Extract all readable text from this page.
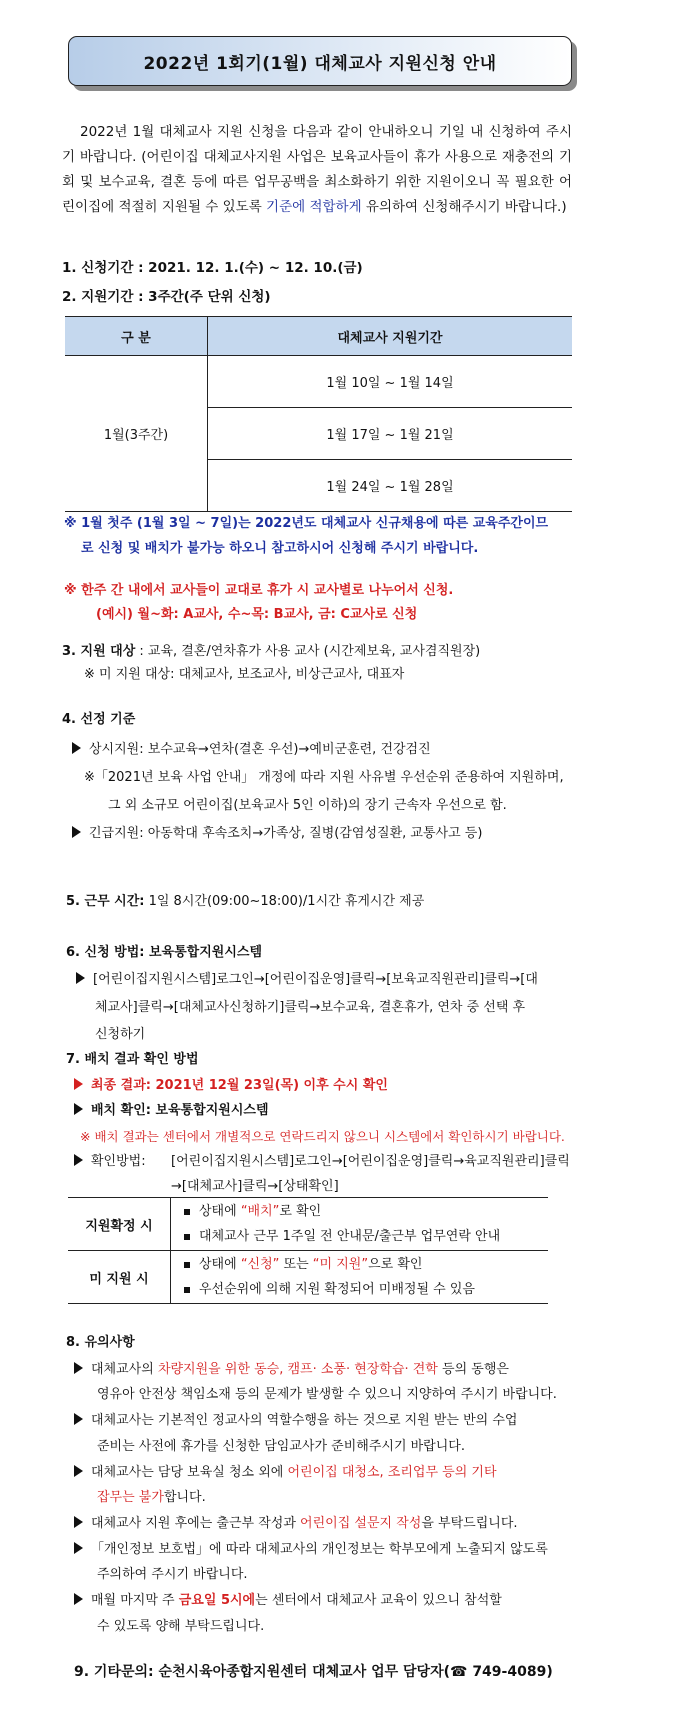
2022년 1회기(1월) 대체교사 지원신청 안내
2022년 1월 대체교사 지원 신청을 다음과 같이 안내하오니 기일 내 신청하여 주시기 바랍니다. (어린이집 대체교사지원 사업은 보육교사들이 휴가 사용으로 재충전의 기회 및 보수교육, 결혼 등에 따른 업무공백을 최소화하기 위한 지원이오니 꼭 필요한 어린이집에 적절히 지원될 수 있도록 기준에 적합하게 유의하여 신청해주시기 바랍니다.)
1. 신청기간 : 2021. 12. 1.(수) ~ 12. 10.(금)
2. 지원기간 : 3주간(주 단위 신청)
구 분	대체교사 지원기간
1월(3주간)	1월 10일 ~ 1월 14일
	1월 17일 ~ 1월 21일
	1월 24일 ~ 1월 28일
※ 1월 첫주 (1월 3일 ~ 7일)는 2022년도 대체교사 신규채용에 따른 교육주간이므
로 신청 및 배치가 불가능 하오니 참고하시어 신청해 주시기 바랍니다.
※ 한주 간 내에서 교사들이 교대로 휴가 시 교사별로 나누어서 신청.
(예시) 월~화: A교사, 수~목: B교사, 금: C교사로 신청
3. 지원 대상 : 교육, 결혼/연차휴가 사용 교사 (시간제보육, 교사겸직원장)
※ 미 지원 대상: 대체교사, 보조교사, 비상근교사, 대표자
4. 선정 기준
상시지원: 보수교육→연차(결혼 우선)→예비군훈련, 건강검진
※「2021년 보육 사업 안내」 개정에 따라 지원 사유별 우선순위 준용하여 지원하며,
그 외 소규모 어린이집(보육교사 5인 이하)의 장기 근속자 우선으로 함.
긴급지원: 아동학대 후속조치→가족상, 질병(감염성질환, 교통사고 등)
5. 근무 시간: 1일 8시간(09:00~18:00)/1시간 휴게시간 제공
6. 신청 방법: 보육통합지원시스템
[어린이집지원시스템]로그인→[어린이집운영]클릭→[보육교직원관리]클릭→[대
체교사]클릭→[대체교사신청하기]클릭→보수교육, 결혼휴가, 연차 중 선택 후
신청하기
7. 배치 결과 확인 방법
최종 결과: 2021년 12월 23일(목) 이후 수시 확인
배치 확인: 보육통합지원시스템
※ 배치 결과는 센터에서 개별적으로 연락드리지 않으니 시스템에서 확인하시기 바랍니다.
확인방법: [어린이집지원시스템]로그인→[어린이집운영]클릭→육교직원관리]클릭
→[대체교사]클릭→[상태확인]
지원확정 시	상태에 “배치”로 확인
대체교사 근무 1주일 전 안내문/출근부 업무연락 안내

미 지원 시	상태에 “신청” 또는 “미 지원”으로 확인
우선순위에 의해 지원 확정되어 미배정될 수 있음
8. 유의사항
대체교사의 차량지원을 위한 동승, 캠프· 소풍· 현장학습· 견학 등의 동행은
영유아 안전상 책임소재 등의 문제가 발생할 수 있으니 지양하여 주시기 바랍니다.
대체교사는 기본적인 정교사의 역할수행을 하는 것으로 지원 받는 반의 수업
준비는 사전에 휴가를 신청한 담임교사가 준비해주시기 바랍니다.
대체교사는 담당 보육실 청소 외에 어린이집 대청소, 조리업무 등의 기타
잡무는 불가합니다.
대체교사 지원 후에는 출근부 작성과 어린이집 설문지 작성을 부탁드립니다.
「개인정보 보호법」에 따라 대체교사의 개인정보는 학부모에게 노출되지 않도록
주의하여 주시기 바랍니다.
매월 마지막 주 금요일 5시에는 센터에서 대체교사 교육이 있으니 참석할
수 있도록 양해 부탁드립니다.
9. 기타문의: 순천시육아종합지원센터 대체교사 업무 담당자(☎ 749-4089)
